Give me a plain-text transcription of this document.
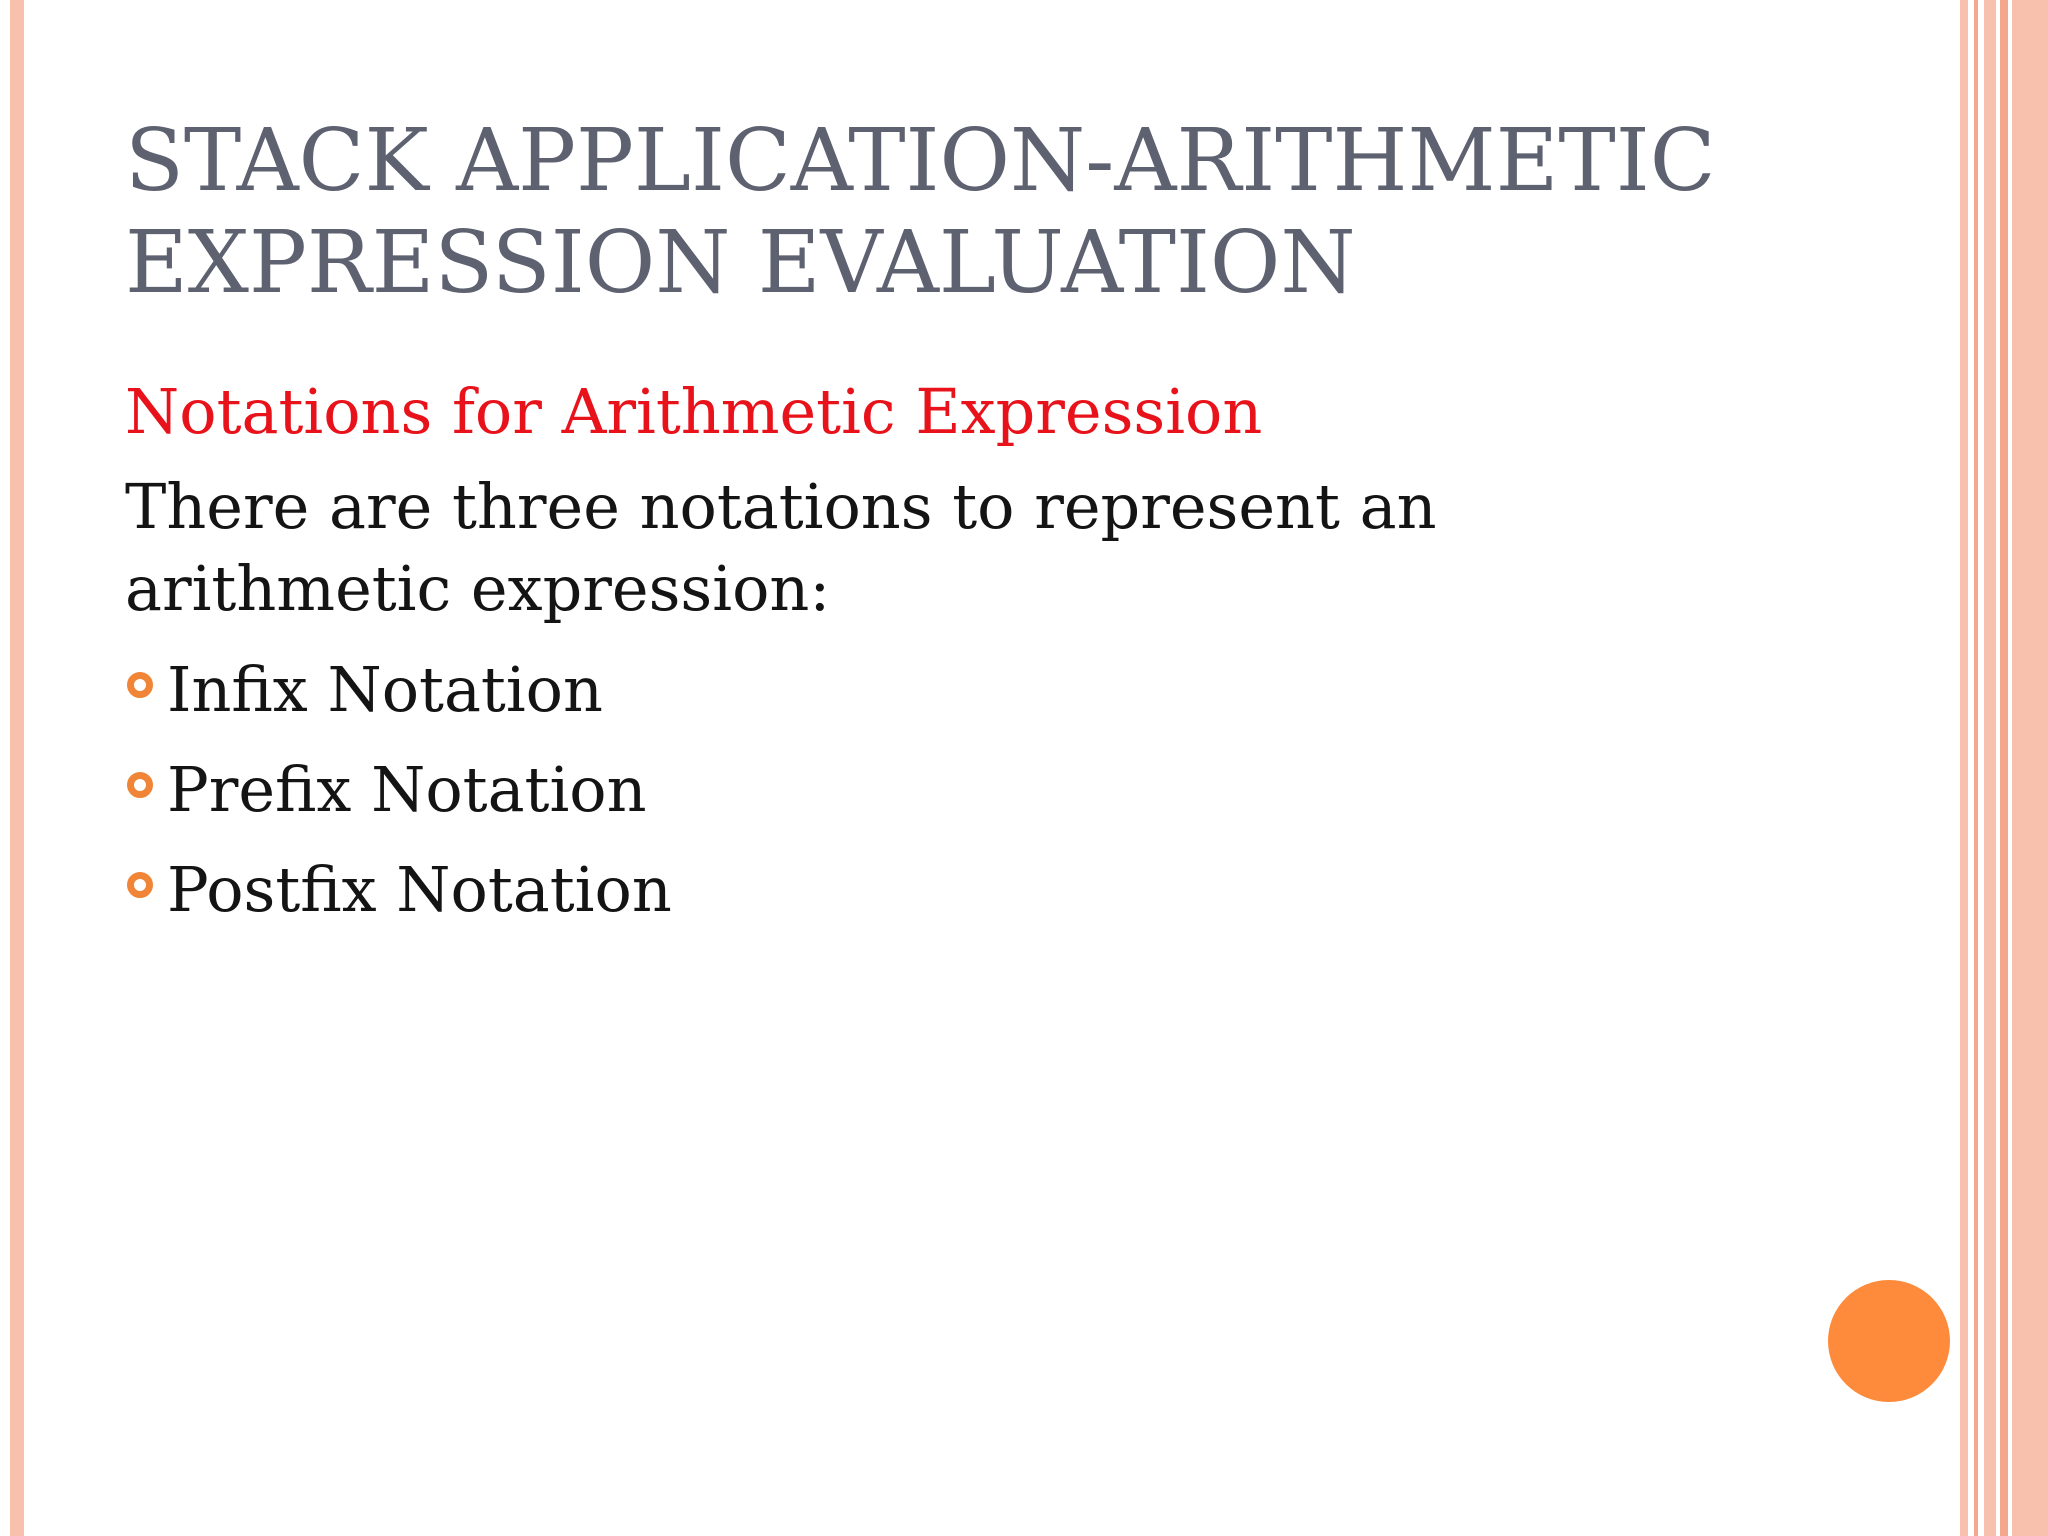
STACK APPLICATION-ARITHMETIC
EXPRESSION EVALUATION

Notations for Arithmetic Expression

There are three notations to represent an
arithmetic expression:

Infix Notation
Prefix Notation
Postfix Notation
